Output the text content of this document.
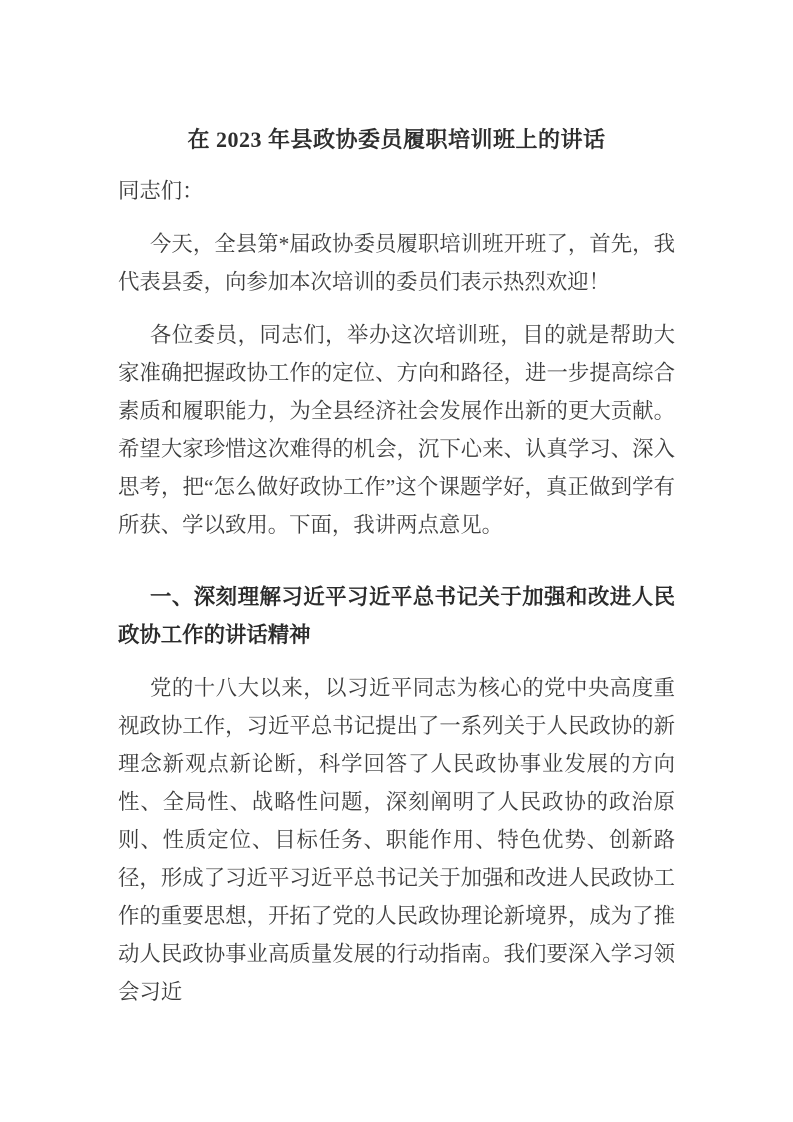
在 2023 年县政协委员履职培训班上的讲话

同志们：

今天，全县第*届政协委员履职培训班开班了，首先，我代表县委，向参加本次培训的委员们表示热烈欢迎！

各位委员，同志们，举办这次培训班，目的就是帮助大家准确把握政协工作的定位、方向和路径，进一步提高综合素质和履职能力，为全县经济社会发展作出新的更大贡献。希望大家珍惜这次难得的机会，沉下心来、认真学习、深入思考，把“怎么做好政协工作”这个课题学好，真正做到学有所获、学以致用。下面，我讲两点意见。

一、深刻理解习近平习近平总书记关于加强和改进人民政协工作的讲话精神

党的十八大以来，以习近平同志为核心的党中央高度重视政协工作，习近平总书记提出了一系列关于人民政协的新理念新观点新论断，科学回答了人民政协事业发展的方向性、全局性、战略性问题，深刻阐明了人民政协的政治原则、性质定位、目标任务、职能作用、特色优势、创新路径，形成了习近平习近平总书记关于加强和改进人民政协工作的重要思想，开拓了党的人民政协理论新境界，成为了推动人民政协事业高质量发展的行动指南。我们要深入学习领会习近
